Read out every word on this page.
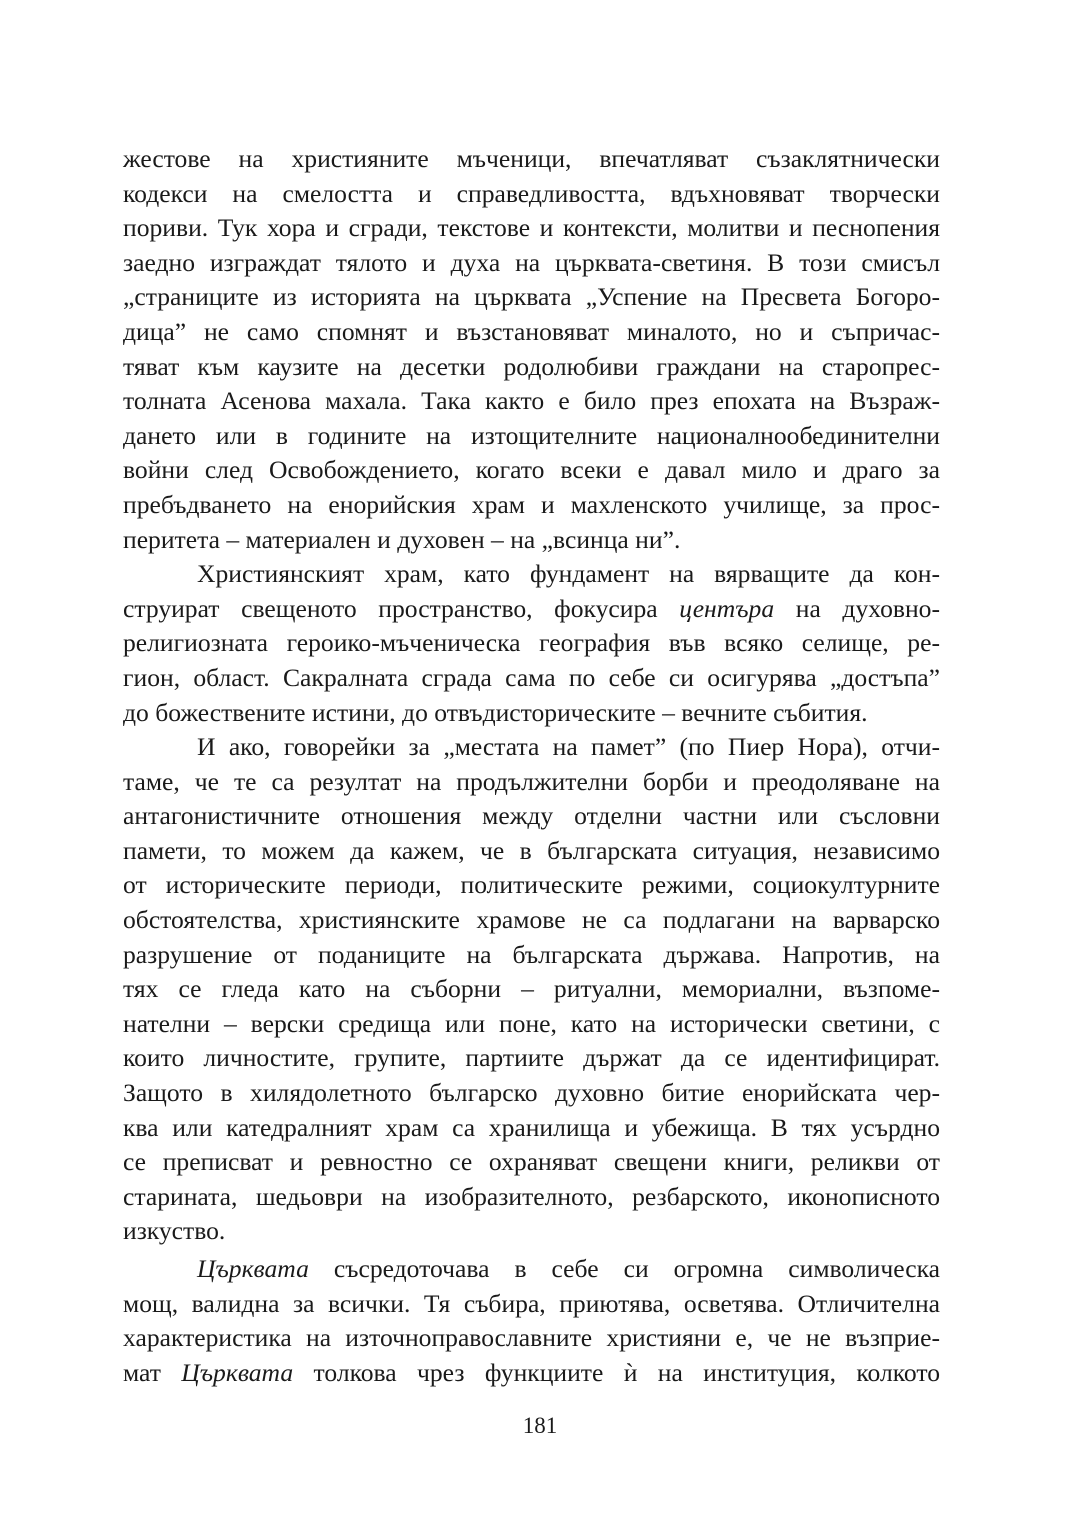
жестове на християните мъченици, впечатляват съзаклятнически
кодекси на смелостта и справедливостта, вдъхновяват творчески
пориви. Тук хора и сгради, текстове и контексти, молитви и песнопения
заедно изграждат тялото и духа на църквата-светиня. В този смисъл
„страниците из историята на църквата „Успение на Пресвета Богоро-
дица” не само спомнят и възстановяват миналото, но и съпричас-
тяват към каузите на десетки родолюбиви граждани на старопрес-
толната Асенова махала. Така както е било през епохата на Възраж-
дането или в годините на изтощителните националнообединителни
войни след Освобождението, когато всеки е давал мило и драго за
пребъдването на енорийския храм и махленското училище, за прос-
перитета – материален и духовен – на „всинца ни”.
Християнският храм, като фундамент на вярващите да кон-
струират свещеното пространство, фокусира центъра на духовно-
религиозната героико-мъченическа география във всяко селище, ре-
гион, област. Сакралната сграда сама по себе си осигурява „достъпа”
до божествените истини, до отвъдисторическите – вечните събития.
И ако, говорейки за „местата на памет” (по Пиер Нора), отчи-
таме, че те са резултат на продължителни борби и преодоляване на
антагонистичните отношения между отделни частни или съсловни
памети, то можем да кажем, че в българската ситуация, независимо
от историческите периоди, политическите режими, социокултурните
обстоятелства, християнските храмове не са подлагани на варварско
разрушение от поданиците на българската държава. Напротив, на
тях се гледа като на съборни – ритуални, мемориални, възпоме-
нателни – верски средища или поне, като на исторически светини, с
които личностите, групите, партиите държат да се идентифицират.
Защото в хилядолетното българско духовно битие енорийската чер-
ква или катедралният храм са хранилища и убежища. В тях усърдно
се преписват и ревностно се охраняват свещени книги, реликви от
старината, шедьоври на изобразителното, резбарското, иконописното
изкуство.
Църквата съсредоточава в себе си огромна символическа
мощ, валидна за всички. Тя събира, приютява, осветява. Отличителна
характеристика на източноправославните християни е, че не възприе-
мат Църквата толкова чрез функциите ѝ на институция, колкото
181
